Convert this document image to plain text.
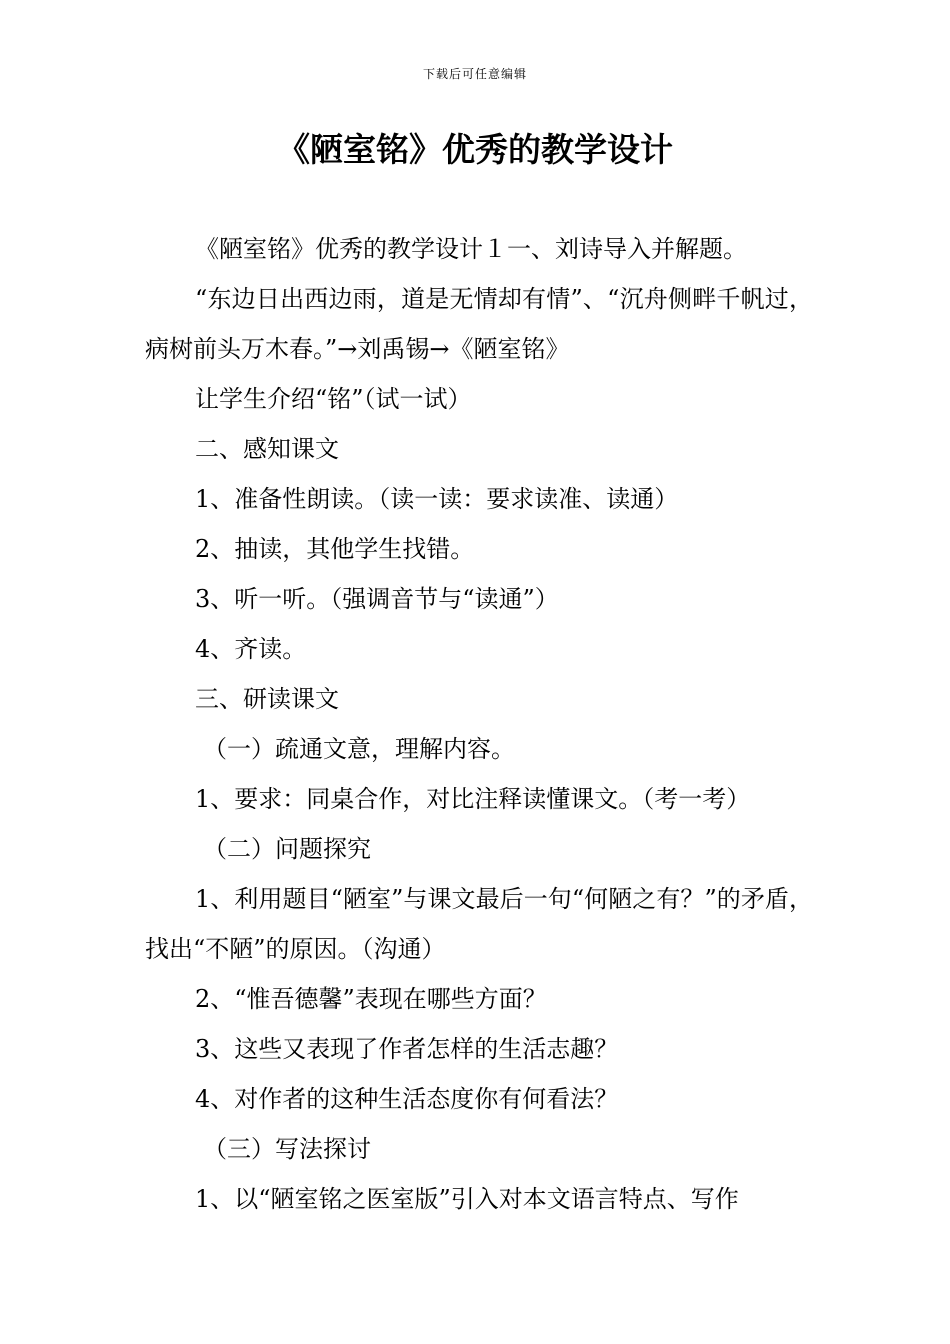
下载后可任意编辑
《陋室铭》优秀的教学设计

《陋室铭》优秀的教学设计１一、刘诗导入并解题。

“东边日出西边雨，道是无情却有情”、“沉舟侧畔千帆过，病树前头万木春。”→刘禹锡→《陋室铭》

让学生介绍“铭”（试一试）

二、感知课文

1、准备性朗读。（读一读：要求读准、读通）

2、抽读，其他学生找错。

3、听一听。（强调音节与“读通”）

4、齐读。

三、研读课文

（一）疏通文意，理解内容。

1、要求：同桌合作，对比注释读懂课文。（考一考）

（二）问题探究

1、利用题目“陋室”与课文最后一句“何陋之有？”的矛盾，找出“不陋”的原因。（沟通）

2、“惟吾德馨”表现在哪些方面？

3、这些又表现了作者怎样的生活志趣？

4、对作者的这种生活态度你有何看法？

（三）写法探讨

1、以“陋室铭之医室版”引入对本文语言特点、写作
